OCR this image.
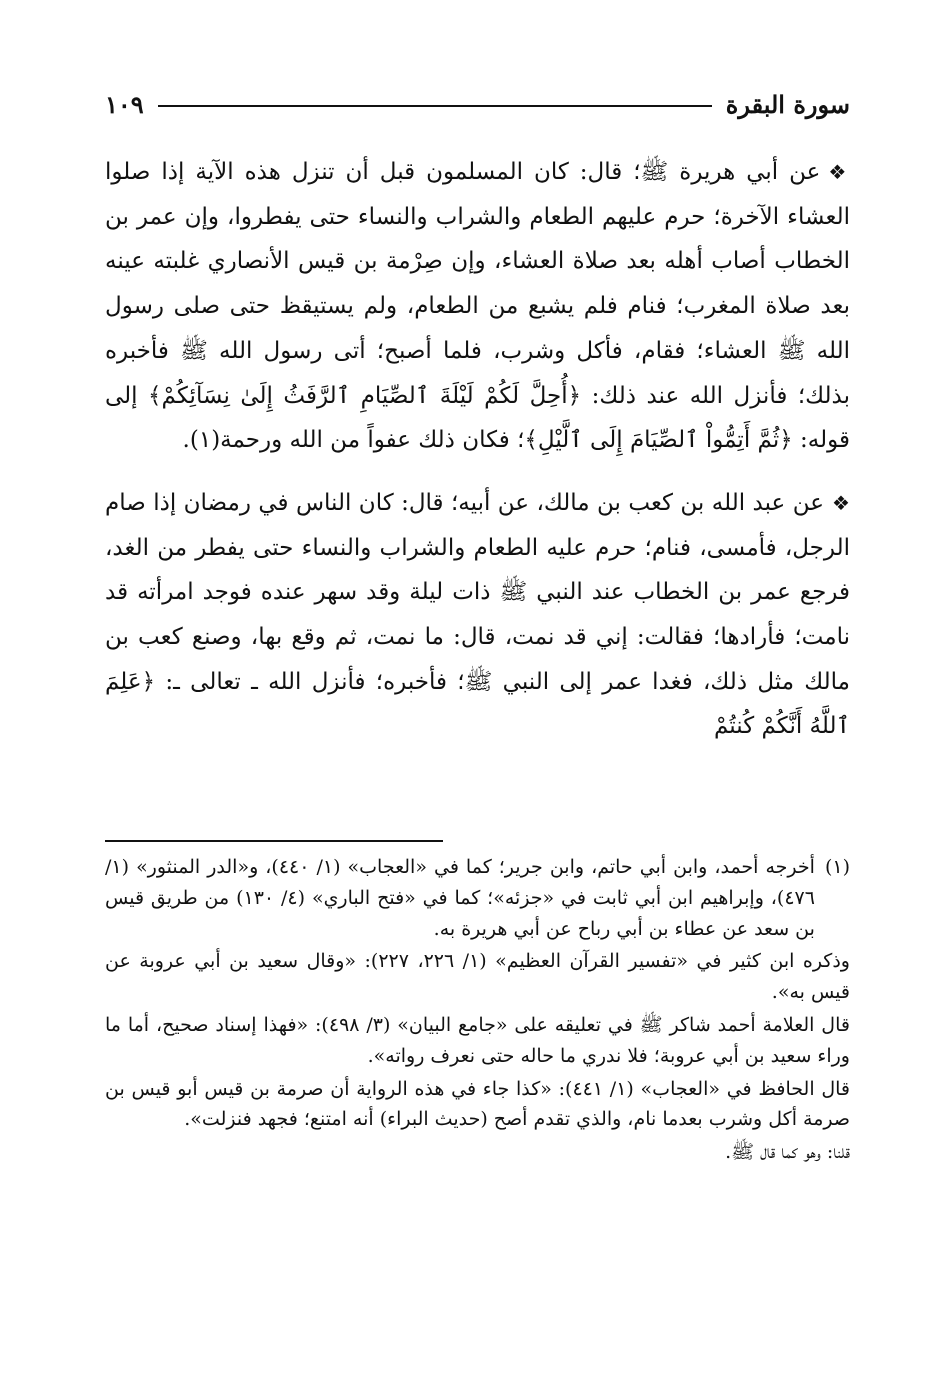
سورة البقرة
١٠٩

❖عن أبي هريرة ﷺ؛ قال: كان المسلمون قبل أن تنزل هذه الآية إذا صلوا العشاء الآخرة؛ حرم عليهم الطعام والشراب والنساء حتى يفطروا، وإن عمر بن الخطاب أصاب أهله بعد صلاة العشاء، وإن صِرْمة بن قيس الأنصاري غلبته عينه بعد صلاة المغرب؛ فنام فلم يشبع من الطعام، ولم يستيقظ حتى صلى رسول الله ﷺ العشاء؛ فقام، فأكل وشرب، فلما أصبح؛ أتى رسول الله ﷺ فأخبره بذلك؛ فأنزل الله عند ذلك: ﴿أُحِلَّ لَكُمْ لَيْلَةَ ٱلصِّيَامِ ٱلرَّفَثُ إِلَىٰ نِسَآئِكُمْ﴾ إلى قوله: ﴿ثُمَّ أَتِمُّواْ ٱلصِّيَامَ إِلَى ٱلَّيْلِ﴾؛ فكان ذلك عفواً من الله ورحمة(١).

❖عن عبد الله بن كعب بن مالك، عن أبيه؛ قال: كان الناس في رمضان إذا صام الرجل، فأمسى، فنام؛ حرم عليه الطعام والشراب والنساء حتى يفطر من الغد، فرجع عمر بن الخطاب عند النبي ﷺ ذات ليلة وقد سهر عنده فوجد امرأته قد نامت؛ فأرادها؛ فقالت: إني قد نمت، قال: ما نمت، ثم وقع بها، وصنع كعب بن مالك مثل ذلك، فغدا عمر إلى النبي ﷺ؛ فأخبره؛ فأنزل الله ـ تعالى ـ: ﴿عَلِمَ ٱللَّهُ أَنَّكُمْ كُنتُمْ

(١)
أخرجه أحمد، وابن أبي حاتم، وابن جرير؛ كما في «العجاب» (١/ ٤٤٠)، و«الدر المنثور» (١/ ٤٧٦)، وإبراهيم ابن أبي ثابت في «جزئه»؛ كما في «فتح الباري» (٤/ ١٣٠) من طريق قيس بن سعد عن عطاء بن أبي رباح عن أبي هريرة به.

وذكره ابن كثير في «تفسير القرآن العظيم» (١/ ٢٢٦، ٢٢٧): «وقال سعيد بن أبي عروبة عن قيس به».

قال العلامة أحمد شاكر ﷺ في تعليقه على «جامع البيان» (٣/ ٤٩٨): «فهذا إسناد صحيح، أما ما وراء سعيد بن أبي عروبة؛ فلا ندري ما حاله حتى نعرف رواته».

قال الحافظ في «العجاب» (١/ ٤٤١): «كذا جاء في هذه الرواية أن صرمة بن قيس أبو قيس بن صرمة أكل وشرب بعدما نام، والذي تقدم أصح (حديث البراء) أنه امتنع؛ فجهد فنزلت».

قلنا: وهو كما قال ﷺ.
